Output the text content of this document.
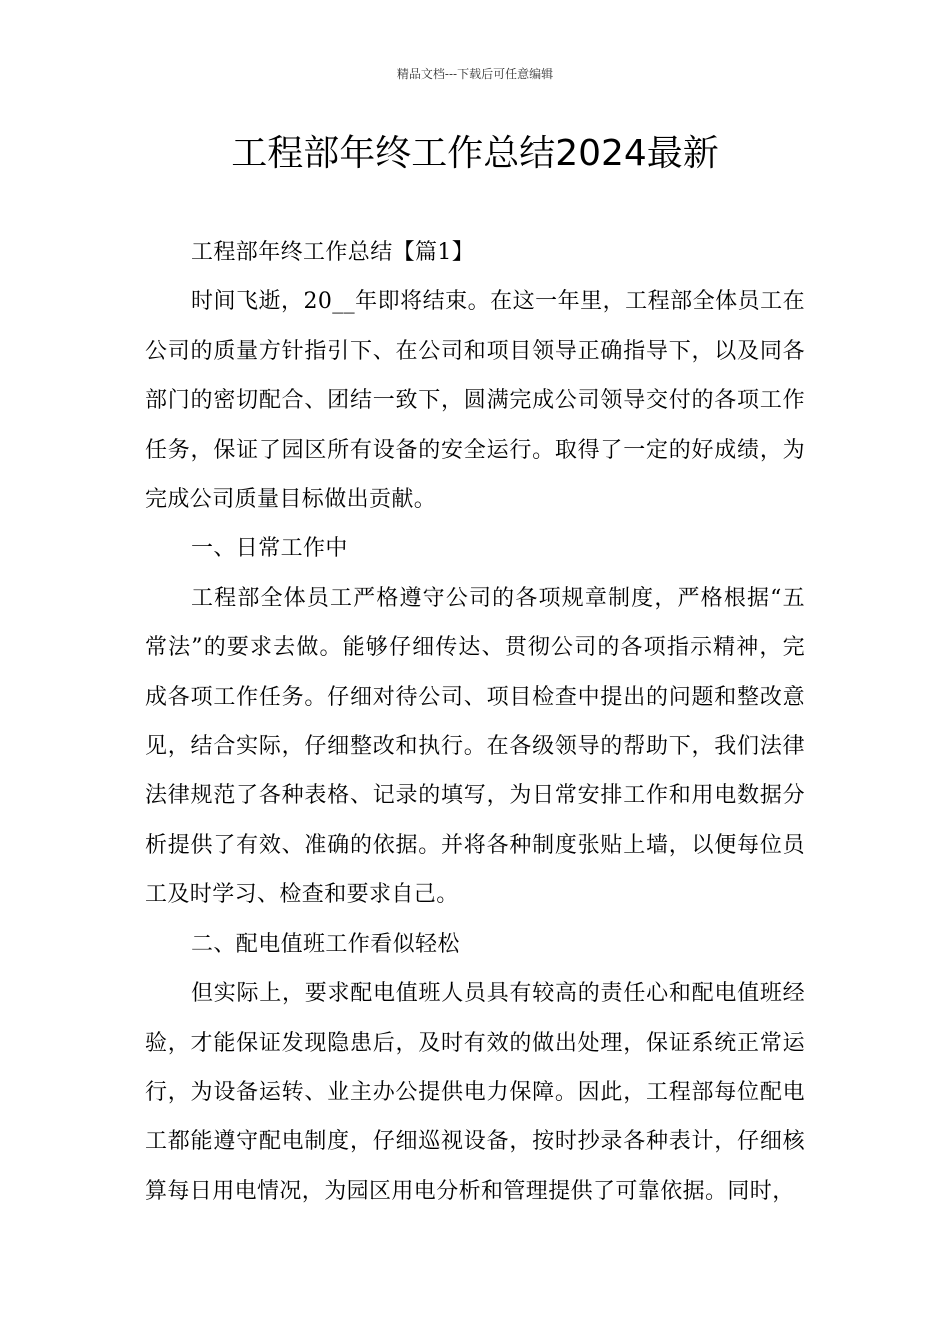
精品文档---下载后可任意编辑
工程部年终工作总结2024最新

工程部年终工作总结【篇1】

时间飞逝，20__年即将结束。在这一年里，工程部全体员工在公司的质量方针指引下、在公司和项目领导正确指导下，以及同各部门的密切配合、团结一致下，圆满完成公司领导交付的各项工作任务，保证了园区所有设备的安全运行。取得了一定的好成绩，为完成公司质量目标做出贡献。

一、日常工作中

工程部全体员工严格遵守公司的各项规章制度，严格根据“五常法”的要求去做。能够仔细传达、贯彻公司的各项指示精神，完成各项工作任务。仔细对待公司、项目检查中提出的问题和整改意见，结合实际，仔细整改和执行。在各级领导的帮助下，我们法律法律规范了各种表格、记录的填写，为日常安排工作和用电数据分析提供了有效、准确的依据。并将各种制度张贴上墙，以便每位员工及时学习、检查和要求自己。

二、配电值班工作看似轻松

但实际上，要求配电值班人员具有较高的责任心和配电值班经验，才能保证发现隐患后，及时有效的做出处理，保证系统正常运行，为设备运转、业主办公提供电力保障。因此，工程部每位配电工都能遵守配电制度，仔细巡视设备，按时抄录各种表计，仔细核算每日用电情况，为园区用电分析和管理提供了可靠依据。同时，
